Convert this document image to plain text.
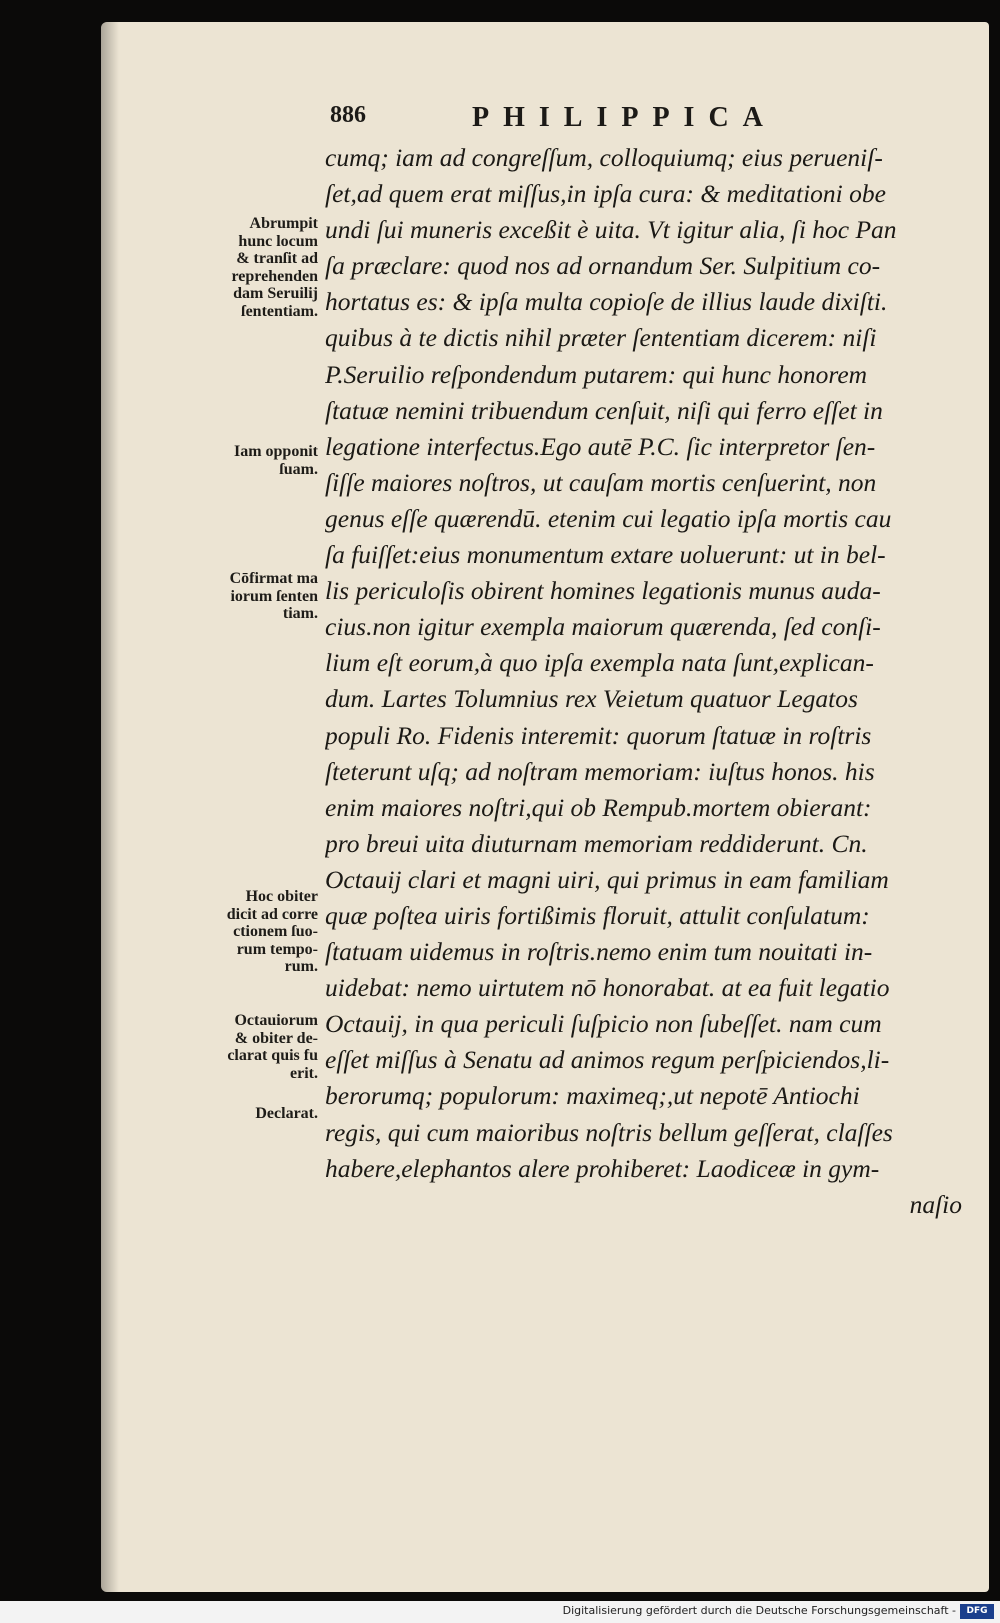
886	PHILIPPICA
cumq; iam ad congreſſum, colloquiumq; eius perueniſ-
ſet,ad quem erat miſſus,in ipſa cura: & meditationi obe
undi ſui muneris exceßit è uita. Vt igitur alia, ſi hoc Pan
ſa præclare: quod nos ad ornandum Ser. Sulpitium co-
hortatus es: & ipſa multa copioſe de illius laude dixiſti.
quibus à te dictis nihil præter ſententiam dicerem: niſi
P.Seruilio reſpondendum putarem: qui hunc honorem
ſtatuæ nemini tribuendum cenſuit, niſi qui ferro eſſet in
legatione interfectus.Ego autē P.C. ſic interpretor ſen-
ſiſſe maiores noſtros, ut cauſam mortis cenſuerint, non
genus eſſe quærendū. etenim cui legatio ipſa mortis cau
ſa fuiſſet:eius monumentum extare uoluerunt: ut in bel-
lis periculoſis obirent homines legationis munus auda-
cius.non igitur exempla maiorum quærenda, ſed conſi-
lium eſt eorum,à quo ipſa exempla nata ſunt,explican-
dum. Lartes Tolumnius rex Veietum quatuor Legatos
populi Ro. Fidenis interemit: quorum ſtatuæ in roſtris
ſteterunt uſq; ad noſtram memoriam: iuſtus honos. his
enim maiores noſtri,qui ob Rempub.mortem obierant:
pro breui uita diuturnam memoriam reddiderunt. Cn.
Octauij clari et magni uiri, qui primus in eam familiam
quæ poſtea uiris fortißimis floruit, attulit conſulatum:
ſtatuam uidemus in roſtris.nemo enim tum nouitati in-
uidebat: nemo uirtutem nō honorabat. at ea fuit legatio
Octauij, in qua periculi ſuſpicio non ſubeſſet. nam cum
eſſet miſſus à Senatu ad animos regum perſpiciendos,li-
berorumq; populorum: maximeq;,ut nepotē Antiochi
regis, qui cum maioribus noſtris bellum geſſerat, claſſes
habere,elephantos alere prohiberet: Laodiceæ in gym-
naſio
Abrumpit
hunc locum
& tranſit ad
reprehenden
dam Seruilij
ſententiam.
Iam opponit
ſuam.
Cōfirmat ma
iorum ſenten
tiam.
Hoc obiter
dicit ad corre
ctionem ſuo-
rum tempo-
rum.
Octauiorum
& obiter de-
clarat quis fu
erit.
Declarat.
Digitalisierung gefördert durch die Deutsche Forschungsgemeinschaft -	DFG
